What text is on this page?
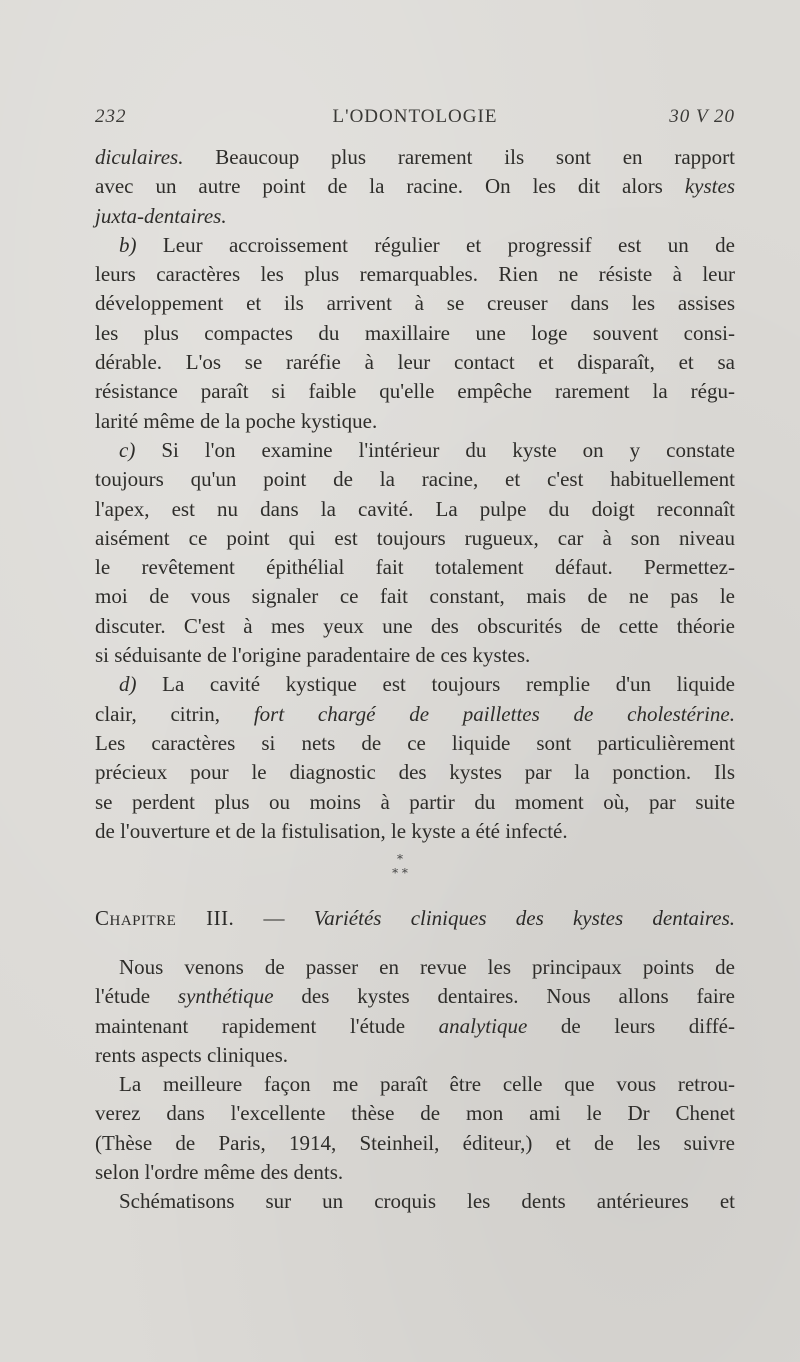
232	L'ODONTOLOGIE	30 V 20
diculaires. Beaucoup plus rarement ils sont en rapport
avec un autre point de la racine. On les dit alors kystes
juxta-dentaires.
b) Leur accroissement régulier et progressif est un de
leurs caractères les plus remarquables. Rien ne résiste à leur
développement et ils arrivent à se creuser dans les assises
les plus compactes du maxillaire une loge souvent consi-
dérable. L'os se raréfie à leur contact et disparaît, et sa
résistance paraît si faible qu'elle empêche rarement la régu-
larité même de la poche kystique.
c) Si l'on examine l'intérieur du kyste on y constate
toujours qu'un point de la racine, et c'est habituellement
l'apex, est nu dans la cavité. La pulpe du doigt reconnaît
aisément ce point qui est toujours rugueux, car à son niveau
le revêtement épithélial fait totalement défaut. Permettez-
moi de vous signaler ce fait constant, mais de ne pas le
discuter. C'est à mes yeux une des obscurités de cette théorie
si séduisante de l'origine paradentaire de ces kystes.
d) La cavité kystique est toujours remplie d'un liquide
clair, citrin, fort chargé de paillettes de cholestérine.
Les caractères si nets de ce liquide sont particulièrement
précieux pour le diagnostic des kystes par la ponction. Ils
se perdent plus ou moins à partir du moment où, par suite
de l'ouverture et de la fistulisation, le kyste a été infecté.
*
* *
Chapitre III. — Variétés cliniques des kystes dentaires.
Nous venons de passer en revue les principaux points de
l'étude synthétique des kystes dentaires. Nous allons faire
maintenant rapidement l'étude analytique de leurs diffé-
rents aspects cliniques.
La meilleure façon me paraît être celle que vous retrou-
verez dans l'excellente thèse de mon ami le Dr Chenet
(Thèse de Paris, 1914, Steinheil, éditeur,) et de les suivre
selon l'ordre même des dents.
Schématisons sur un croquis les dents antérieures et
